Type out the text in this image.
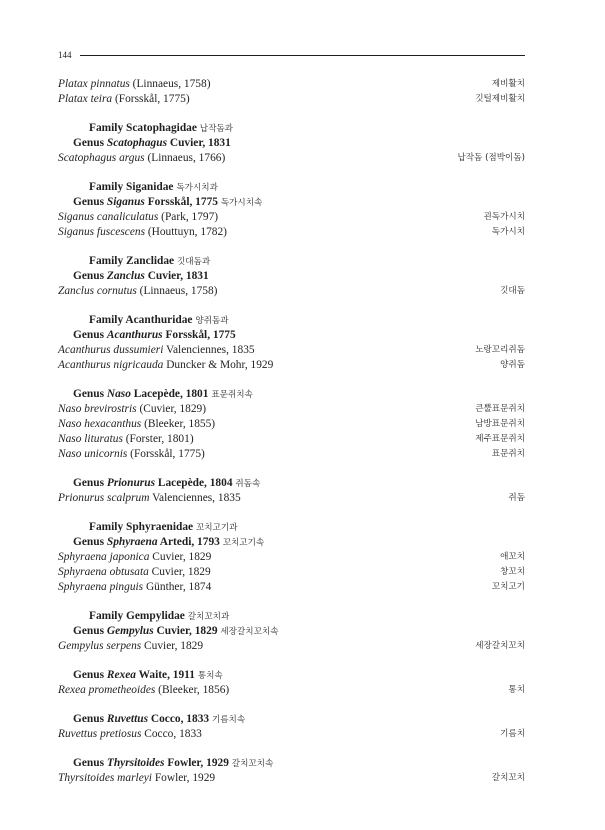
144
Platax pinnatus (Linnaeus, 1758)	제비활치
Platax teira (Forsskål, 1775)	깃털제비활치
Family Scatophagidae 납작돔과
Genus Scatophagus Cuvier, 1831
Scatophagus argus (Linnaeus, 1766)	납작돔 (점박이돔)
Family Siganidae 독가시치과
Genus Siganus Forsskål, 1775 독가시치속
Siganus canaliculatus (Park, 1797)	괸독가시치
Siganus fuscescens (Houttuyn, 1782)	독가시치
Family Zanclidae 깃대돔과
Genus Zanclus Cuvier, 1831
Zanclus cornutus (Linnaeus, 1758)	깃대돔
Family Acanthuridae 양쥐돔과
Genus Acanthurus Forsskål, 1775
Acanthurus dussumieri Valenciennes, 1835	노랑꼬리쥐돔
Acanthurus nigricauda Duncker & Mohr, 1929	양쥐돔
Genus Naso Lacepède, 1801 표문쥐치속
Naso brevirostris (Cuvier, 1829)	큰뿔표문쥐치
Naso hexacanthus (Bleeker, 1855)	남방표문쥐치
Naso lituratus (Forster, 1801)	제주표문쥐치
Naso unicornis (Forsskål, 1775)	표문쥐치
Genus Prionurus Lacepède, 1804 쥐돔속
Prionurus scalprum Valenciennes, 1835	쥐돔
Family Sphyraenidae 꼬치고기과
Genus Sphyraena Artedi, 1793 꼬치고기속
Sphyraena japonica Cuvier, 1829	애꼬치
Sphyraena obtusata Cuvier, 1829	창꼬치
Sphyraena pinguis Günther, 1874	꼬치고기
Family Gempylidae 갈치꼬치과
Genus Gempylus Cuvier, 1829 세장갈치꼬치속
Gempylus serpens Cuvier, 1829	세장갈치꼬치
Genus Rexea Waite, 1911 통치속
Rexea prometheoides (Bleeker, 1856)	통치
Genus Ruvettus Cocco, 1833 기름치속
Ruvettus pretiosus Cocco, 1833	기름치
Genus Thyrsitoides Fowler, 1929 갈치꼬치속
Thyrsitoides marleyi Fowler, 1929	갈치꼬치
